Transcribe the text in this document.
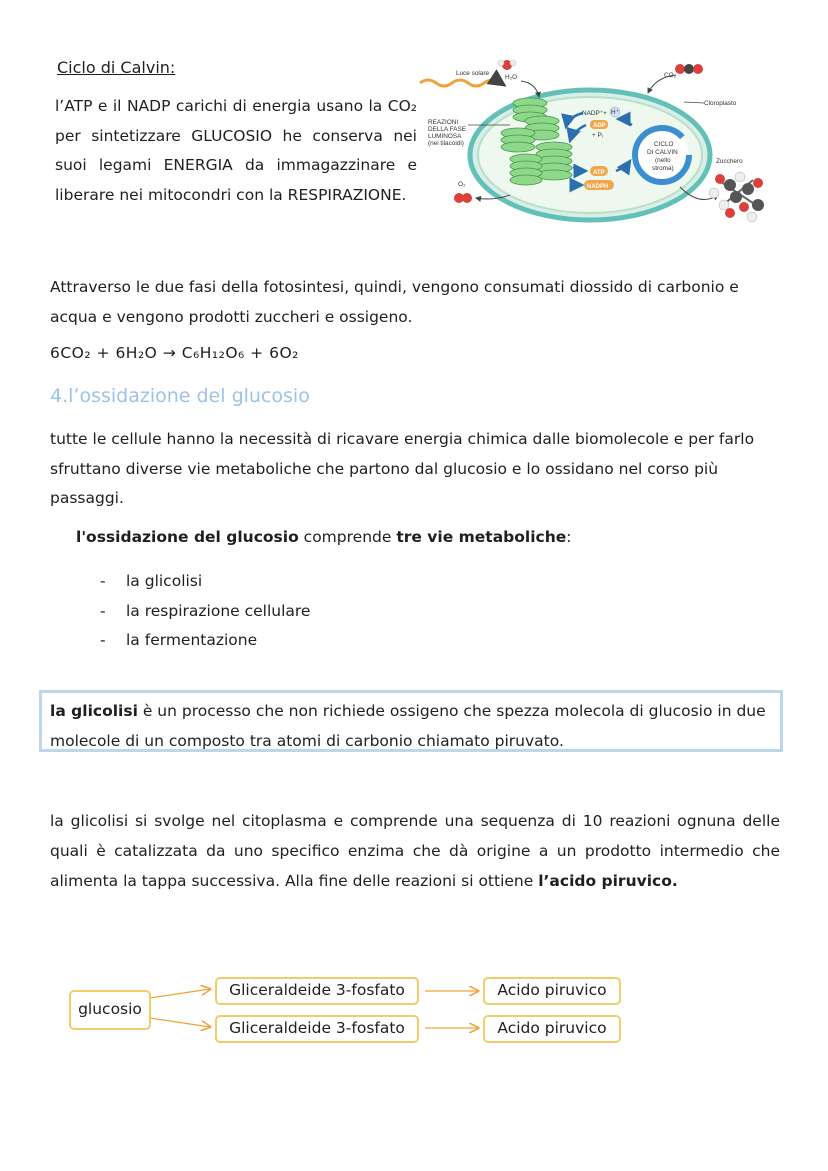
Ciclo di Calvin:
l’ATP e il NADP carichi di energia usano la CO₂ per sintetizzare GLUCOSIO he conserva nei suoi legami ENERGIA da immagazzinare e liberare nei mitocondri con la RESPIRAZIONE.
Luce solare
H₂O	CO₂
Cloroplasto
REAZIONI
DELLA FASE
LUMINOSA
(nei tilacoidi)
NADP⁺+ H⁺
ADP
+ Pᵢ
ATP
NADPH
CICLO
DI CALVIN
(nello
stroma)
Zucchero
O₂
Attraverso le due fasi della fotosintesi, quindi, vengono consumati diossido di carbonio e acqua e vengono prodotti zuccheri e ossigeno.
6CO₂ + 6H₂O → C₆H₁₂O₆ + 6O₂
4.l’ossidazione del glucosio
tutte le cellule hanno la necessità di ricavare energia chimica dalle biomolecole e per farlo sfruttano diverse vie metaboliche che partono dal glucosio e lo ossidano nel corso più passaggi.
l'ossidazione del glucosio comprende tre vie metaboliche:
- la glicolisi
- la respirazione cellulare
- la fermentazione
la glicolisi è un processo che non richiede ossigeno che spezza molecola di glucosio in due molecole di un composto tra atomi di carbonio chiamato piruvato.
la glicolisi si svolge nel citoplasma e comprende una sequenza di 10 reazioni ognuna delle quali è catalizzata da uno specifico enzima che dà origine a un prodotto intermedio che alimenta la tappa successiva. Alla fine delle reazioni si ottiene l’acido piruvico.
glucosio
Gliceraldeide 3-fosfato
Gliceraldeide 3-fosfato
Acido piruvico
Acido piruvico
